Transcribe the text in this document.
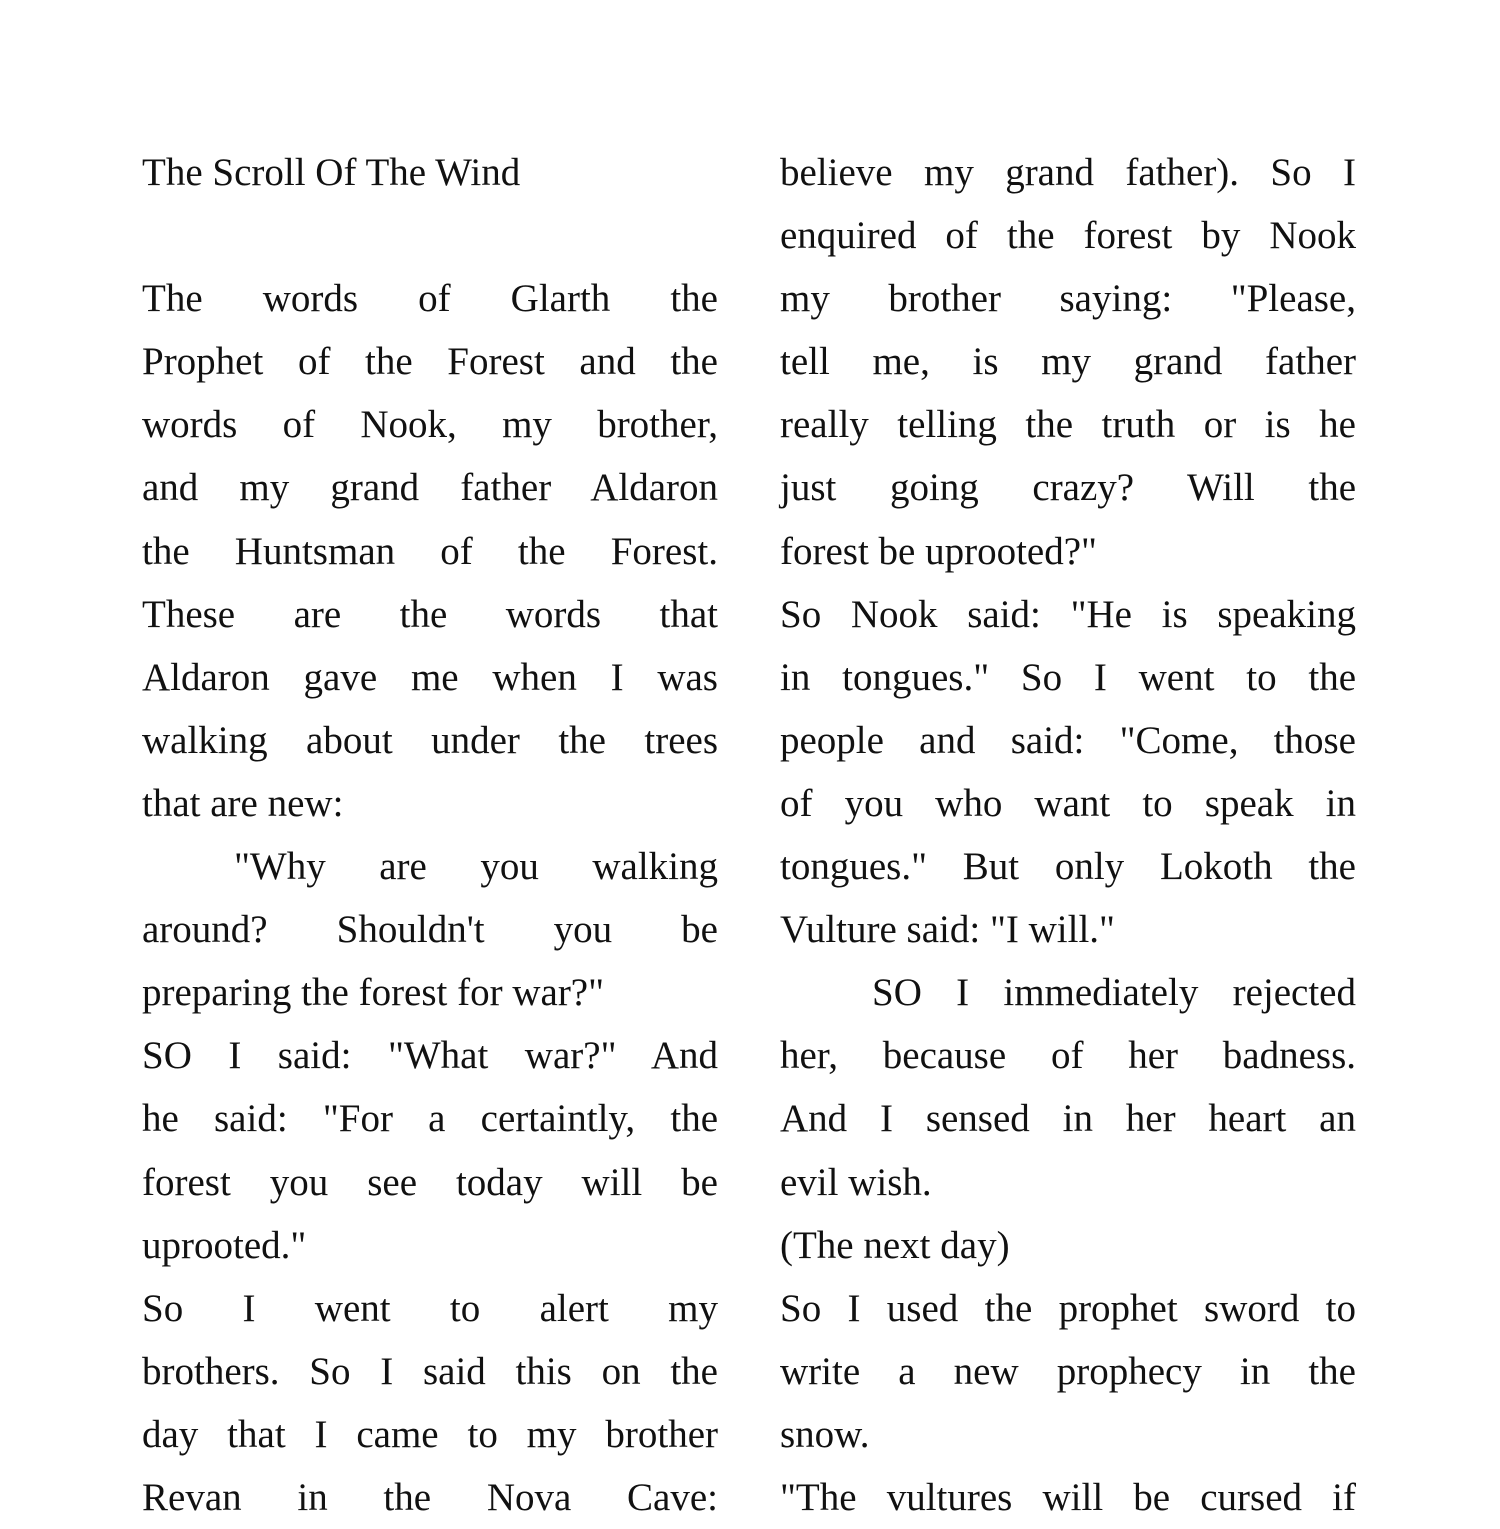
The Scroll Of The Wind
The words of Glarth the
Prophet of the Forest and the
words of Nook, my brother,
and my grand father Aldaron
the Huntsman of the Forest.
These are the words that
Aldaron gave me when I was
walking about under the trees
that are new:
"Why are you walking
around? Shouldn't you be
preparing the forest for war?"
SO I said: "What war?" And
he said: "For a certaintly, the
forest you see today will be
uprooted."
So I went to alert my
brothers. So I said this on the
day that I came to my brother
Revan in the Nova Cave:
believe my grand father). So I
enquired of the forest by Nook
my brother saying: "Please,
tell me, is my grand father
really telling the truth or is he
just going crazy? Will the
forest be uprooted?"
So Nook said: "He is speaking
in tongues." So I went to the
people and said: "Come, those
of you who want to speak in
tongues." But only Lokoth the
Vulture said: "I will."
SO I immediately rejected
her, because of her badness.
And I sensed in her heart an
evil wish.
(The next day)
So I used the prophet sword to
write a new prophecy in the
snow.
"The vultures will be cursed if
